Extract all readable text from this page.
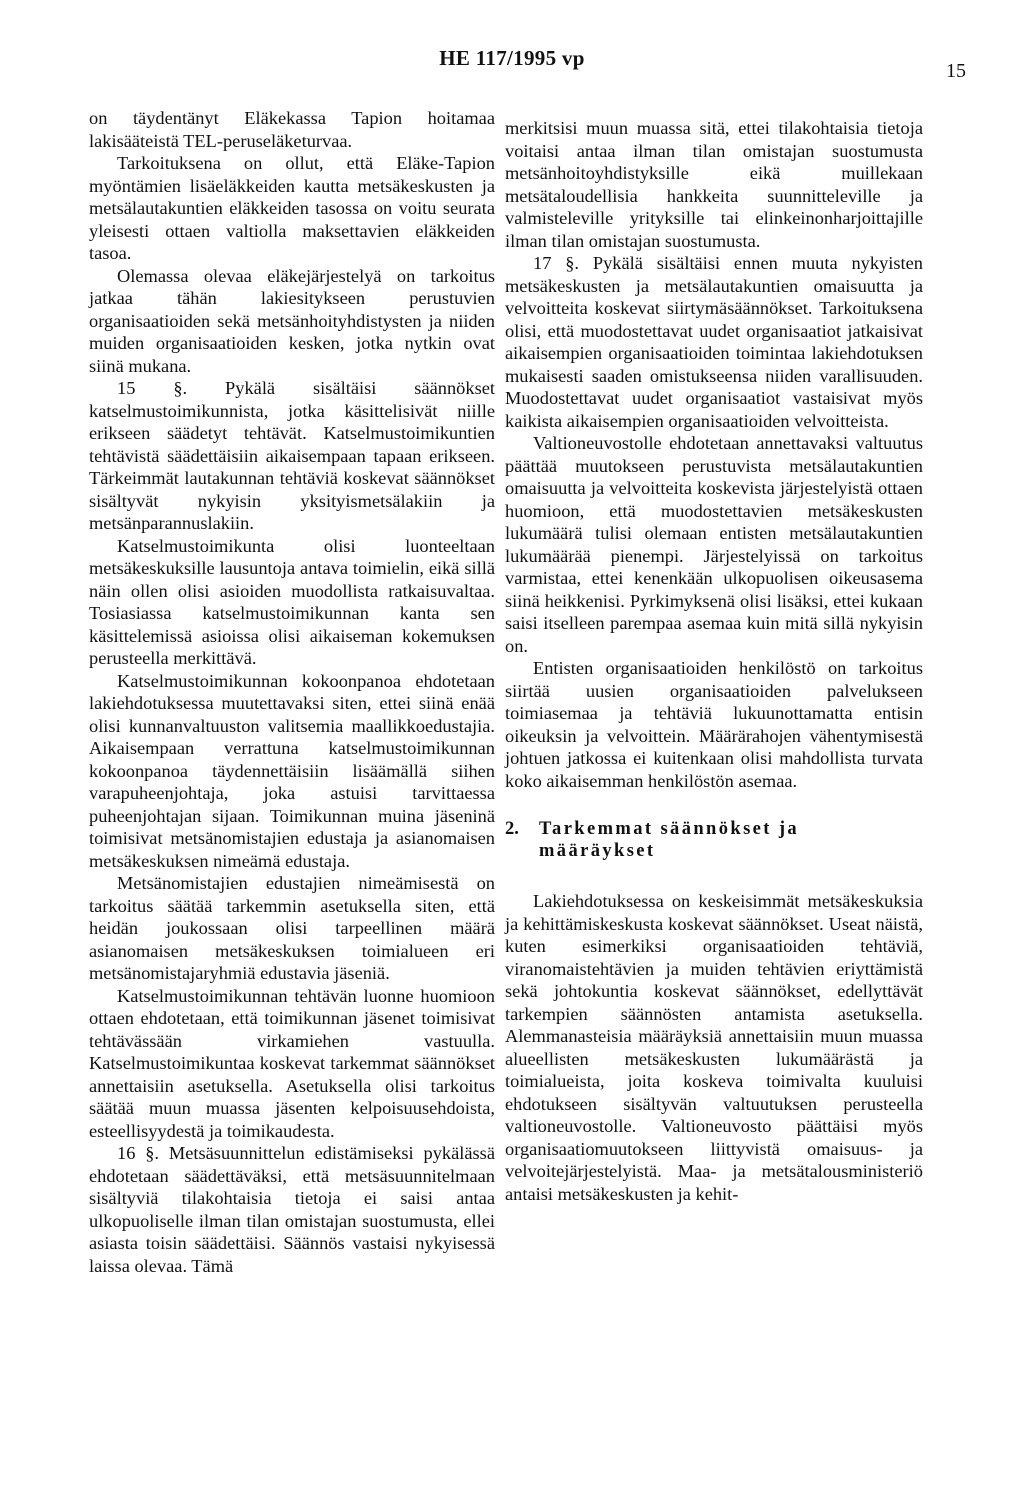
HE 117/1995 vp
15

on täydentänyt Eläkekassa Tapion hoitamaa lakisääteistä TEL-peruseläketurvaa.

Tarkoituksena on ollut, että Eläke-Tapion myöntämien lisäeläkkeiden kautta metsäkeskusten ja metsälautakuntien eläkkeiden tasossa on voitu seurata yleisesti ottaen valtiolla maksettavien eläkkeiden tasoa.

Olemassa olevaa eläkejärjestelyä on tarkoitus jatkaa tähän lakiesitykseen perustuvien organisaatioiden sekä metsänhoityhdistysten ja niiden muiden organisaatioiden kesken, jotka nytkin ovat siinä mukana.

15 §. Pykälä sisältäisi säännökset katselmustoimikunnista, jotka käsittelisivät niille erikseen säädetyt tehtävät. Katselmustoimikuntien tehtävistä säädettäisiin aikaisempaan tapaan erikseen. Tärkeimmät lautakunnan tehtäviä koskevat säännökset sisältyvät nykyisin yksityismetsälakiin ja metsänparannuslakiin.

Katselmustoimikunta olisi luonteeltaan metsäkeskuksille lausuntoja antava toimielin, eikä sillä näin ollen olisi asioiden muodollista ratkaisuvaltaa. Tosiasiassa katselmustoimikunnan kanta sen käsittelemissä asioissa olisi aikaiseman kokemuksen perusteella merkittävä.

Katselmustoimikunnan kokoonpanoa ehdotetaan lakiehdotuksessa muutettavaksi siten, ettei siinä enää olisi kunnanvaltuuston valitsemia maallikkoedustajia. Aikaisempaan verrattuna katselmustoimikunnan kokoonpanoa täydennettäisiin lisäämällä siihen varapuheenjohtaja, joka astuisi tarvittaessa puheenjohtajan sijaan. Toimikunnan muina jäseninä toimisivat metsänomistajien edustaja ja asianomaisen metsäkeskuksen nimeämä edustaja.

Metsänomistajien edustajien nimeämisestä on tarkoitus säätää tarkemmin asetuksella siten, että heidän joukossaan olisi tarpeellinen määrä asianomaisen metsäkeskuksen toimialueen eri metsänomistajaryhmiä edustavia jäseniä.

Katselmustoimikunnan tehtävän luonne huomioon ottaen ehdotetaan, että toimikunnan jäsenet toimisivat tehtävässään virkamiehen vastuulla. Katselmustoimikuntaa koskevat tarkemmat säännökset annettaisiin asetuksella. Asetuksella olisi tarkoitus säätää muun muassa jäsenten kelpoisuusehdoista, esteellisyydestä ja toimikaudesta.

16 §. Metsäsuunnittelun edistämiseksi pykälässä ehdotetaan säädettäväksi, että metsäsuunnitelmaan sisältyviä tilakohtaisia tietoja ei saisi antaa ulkopuoliselle ilman tilan omistajan suostumusta, ellei asiasta toisin säädettäisi. Säännös vastaisi nykyisessä laissa olevaa. Tämä

merkitsisi muun muassa sitä, ettei tilakohtaisia tietoja voitaisi antaa ilman tilan omistajan suostumusta metsänhoitoyhdistyksille eikä muillekaan metsätaloudellisia hankkeita suunnitteleville ja valmisteleville yrityksille tai elinkeinonharjoittajille ilman tilan omistajan suostumusta.

17 §. Pykälä sisältäisi ennen muuta nykyisten metsäkeskusten ja metsälautakuntien omaisuutta ja velvoitteita koskevat siirtymäsäännökset. Tarkoituksena olisi, että muodostettavat uudet organisaatiot jatkaisivat aikaisempien organisaatioiden toimintaa lakiehdotuksen mukaisesti saaden omistukseensa niiden varallisuuden. Muodostettavat uudet organisaatiot vastaisivat myös kaikista aikaisempien organisaatioiden velvoitteista.

Valtioneuvostolle ehdotetaan annettavaksi valtuutus päättää muutokseen perustuvista metsälautakuntien omaisuutta ja velvoitteita koskevista järjestelyistä ottaen huomioon, että muodostettavien metsäkeskusten lukumäärä tulisi olemaan entisten metsälautakuntien lukumäärää pienempi. Järjestelyissä on tarkoitus varmistaa, ettei kenenkään ulkopuolisen oikeusasema siinä heikkenisi. Pyrkimyksenä olisi lisäksi, ettei kukaan saisi itselleen parempaa asemaa kuin mitä sillä nykyisin on.

Entisten organisaatioiden henkilöstö on tarkoitus siirtää uusien organisaatioiden palvelukseen toimiasemaa ja tehtäviä lukuunottamatta entisin oikeuksin ja velvoittein. Määrärahojen vähentymisestä johtuen jatkossa ei kuitenkaan olisi mahdollista turvata koko aikaisemman henkilöstön asemaa.

2. Tarkemmat säännökset ja
määräykset

Lakiehdotuksessa on keskeisimmät metsäkeskuksia ja kehittämiskeskusta koskevat säännökset. Useat näistä, kuten esimerkiksi organisaatioiden tehtäviä, viranomaistehtävien ja muiden tehtävien eriyttämistä sekä johtokuntia koskevat säännökset, edellyttävät tarkempien säännösten antamista asetuksella. Alemmanasteisia määräyksiä annettaisiin muun muassa alueellisten metsäkeskusten lukumäärästä ja toimialueista, joita koskeva toimivalta kuuluisi ehdotukseen sisältyvän valtuutuksen perusteella valtioneuvostolle. Valtioneuvosto päättäisi myös organisaatiomuutokseen liittyvistä omaisuus- ja velvoitejärjestelyistä. Maa- ja metsätalousministeriö antaisi metsäkeskusten ja kehit-
